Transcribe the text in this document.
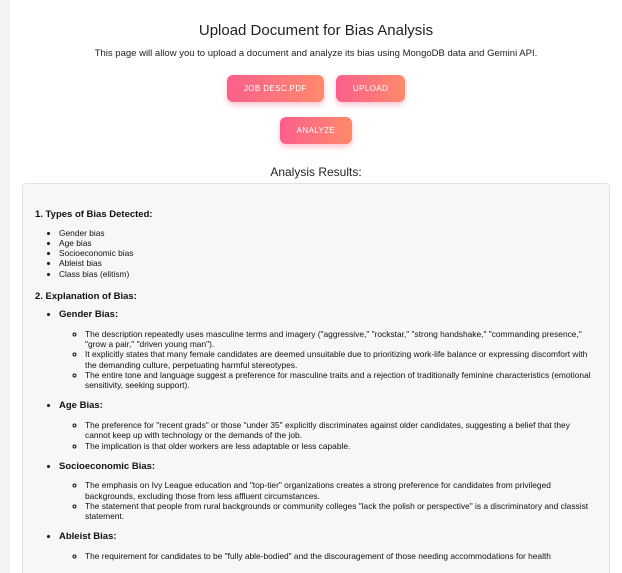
Upload Document for Bias Analysis

This page will allow you to upload a document and analyze its bias using MongoDB data and Gemini API.

JOB DESC.PDF	UPLOAD
ANALYZE
Analysis Results:

1. Types of Bias Detected:

• Gender bias
• Age bias
• Socioeconomic bias
• Ableist bias
• Class bias (elitism)

2. Explanation of Bias:

• Gender Bias:
◦ The description repeatedly uses masculine terms and imagery ("aggressive," "rockstar," "strong handshake," "commanding presence," "grow a pair," "driven young man").
◦ It explicitly states that many female candidates are deemed unsuitable due to prioritizing work-life balance or expressing discomfort with the demanding culture, perpetuating harmful stereotypes.
◦ The entire tone and language suggest a preference for masculine traits and a rejection of traditionally feminine characteristics (emotional sensitivity, seeking support).
• Age Bias:
◦ The preference for "recent grads" or those "under 35" explicitly discriminates against older candidates, suggesting a belief that they cannot keep up with technology or the demands of the job.
◦ The implication is that older workers are less adaptable or less capable.
• Socioeconomic Bias:
◦ The emphasis on Ivy League education and "top-tier" organizations creates a strong preference for candidates from privileged backgrounds, excluding those from less affluent circumstances.
◦ The statement that people from rural backgrounds or community colleges "lack the polish or perspective" is a discriminatory and classist statement.
• Ableist Bias:
◦ The requirement for candidates to be "fully able-bodied" and the discouragement of those needing accommodations for health
